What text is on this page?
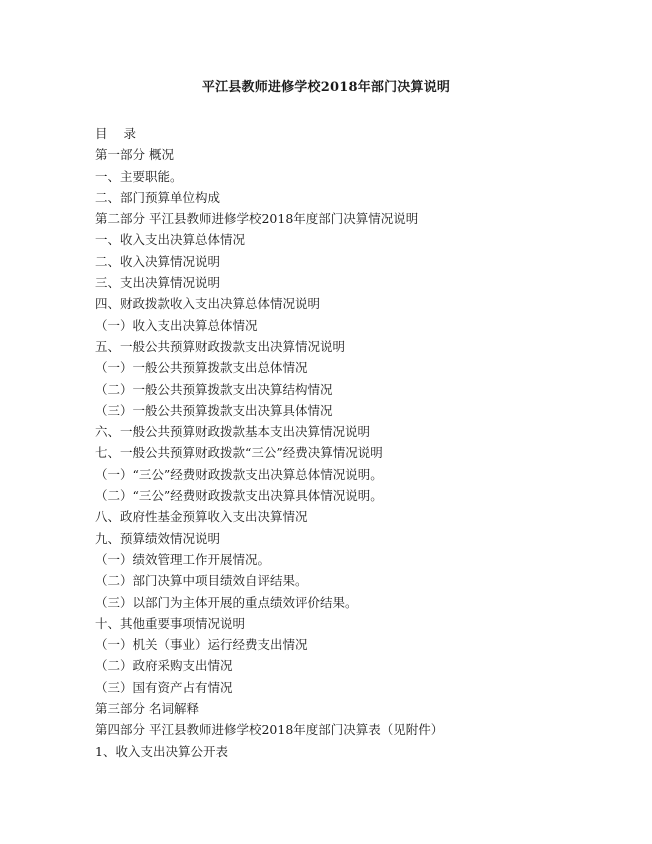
平江县教师进修学校2018年部门决算说明
目 录
第一部分 概况
一、主要职能。
二、部门预算单位构成
第二部分 平江县教师进修学校2018年度部门决算情况说明
一、收入支出决算总体情况
二、收入决算情况说明
三、支出决算情况说明
四、财政拨款收入支出决算总体情况说明
（一）收入支出决算总体情况
五、一般公共预算财政拨款支出决算情况说明
（一）一般公共预算拨款支出总体情况
（二）一般公共预算拨款支出决算结构情况
（三）一般公共预算拨款支出决算具体情况
六、一般公共预算财政拨款基本支出决算情况说明
七、一般公共预算财政拨款“三公”经费决算情况说明
（一）“三公”经费财政拨款支出决算总体情况说明。
（二）“三公”经费财政拨款支出决算具体情况说明。
八、政府性基金预算收入支出决算情况
九、预算绩效情况说明
（一）绩效管理工作开展情况。
（二）部门决算中项目绩效自评结果。
（三）以部门为主体开展的重点绩效评价结果。
十、其他重要事项情况说明
（一）机关（事业）运行经费支出情况
（二）政府采购支出情况
（三）国有资产占有情况
第三部分 名词解释
第四部分 平江县教师进修学校2018年度部门决算表（见附件）
1、收入支出决算公开表
